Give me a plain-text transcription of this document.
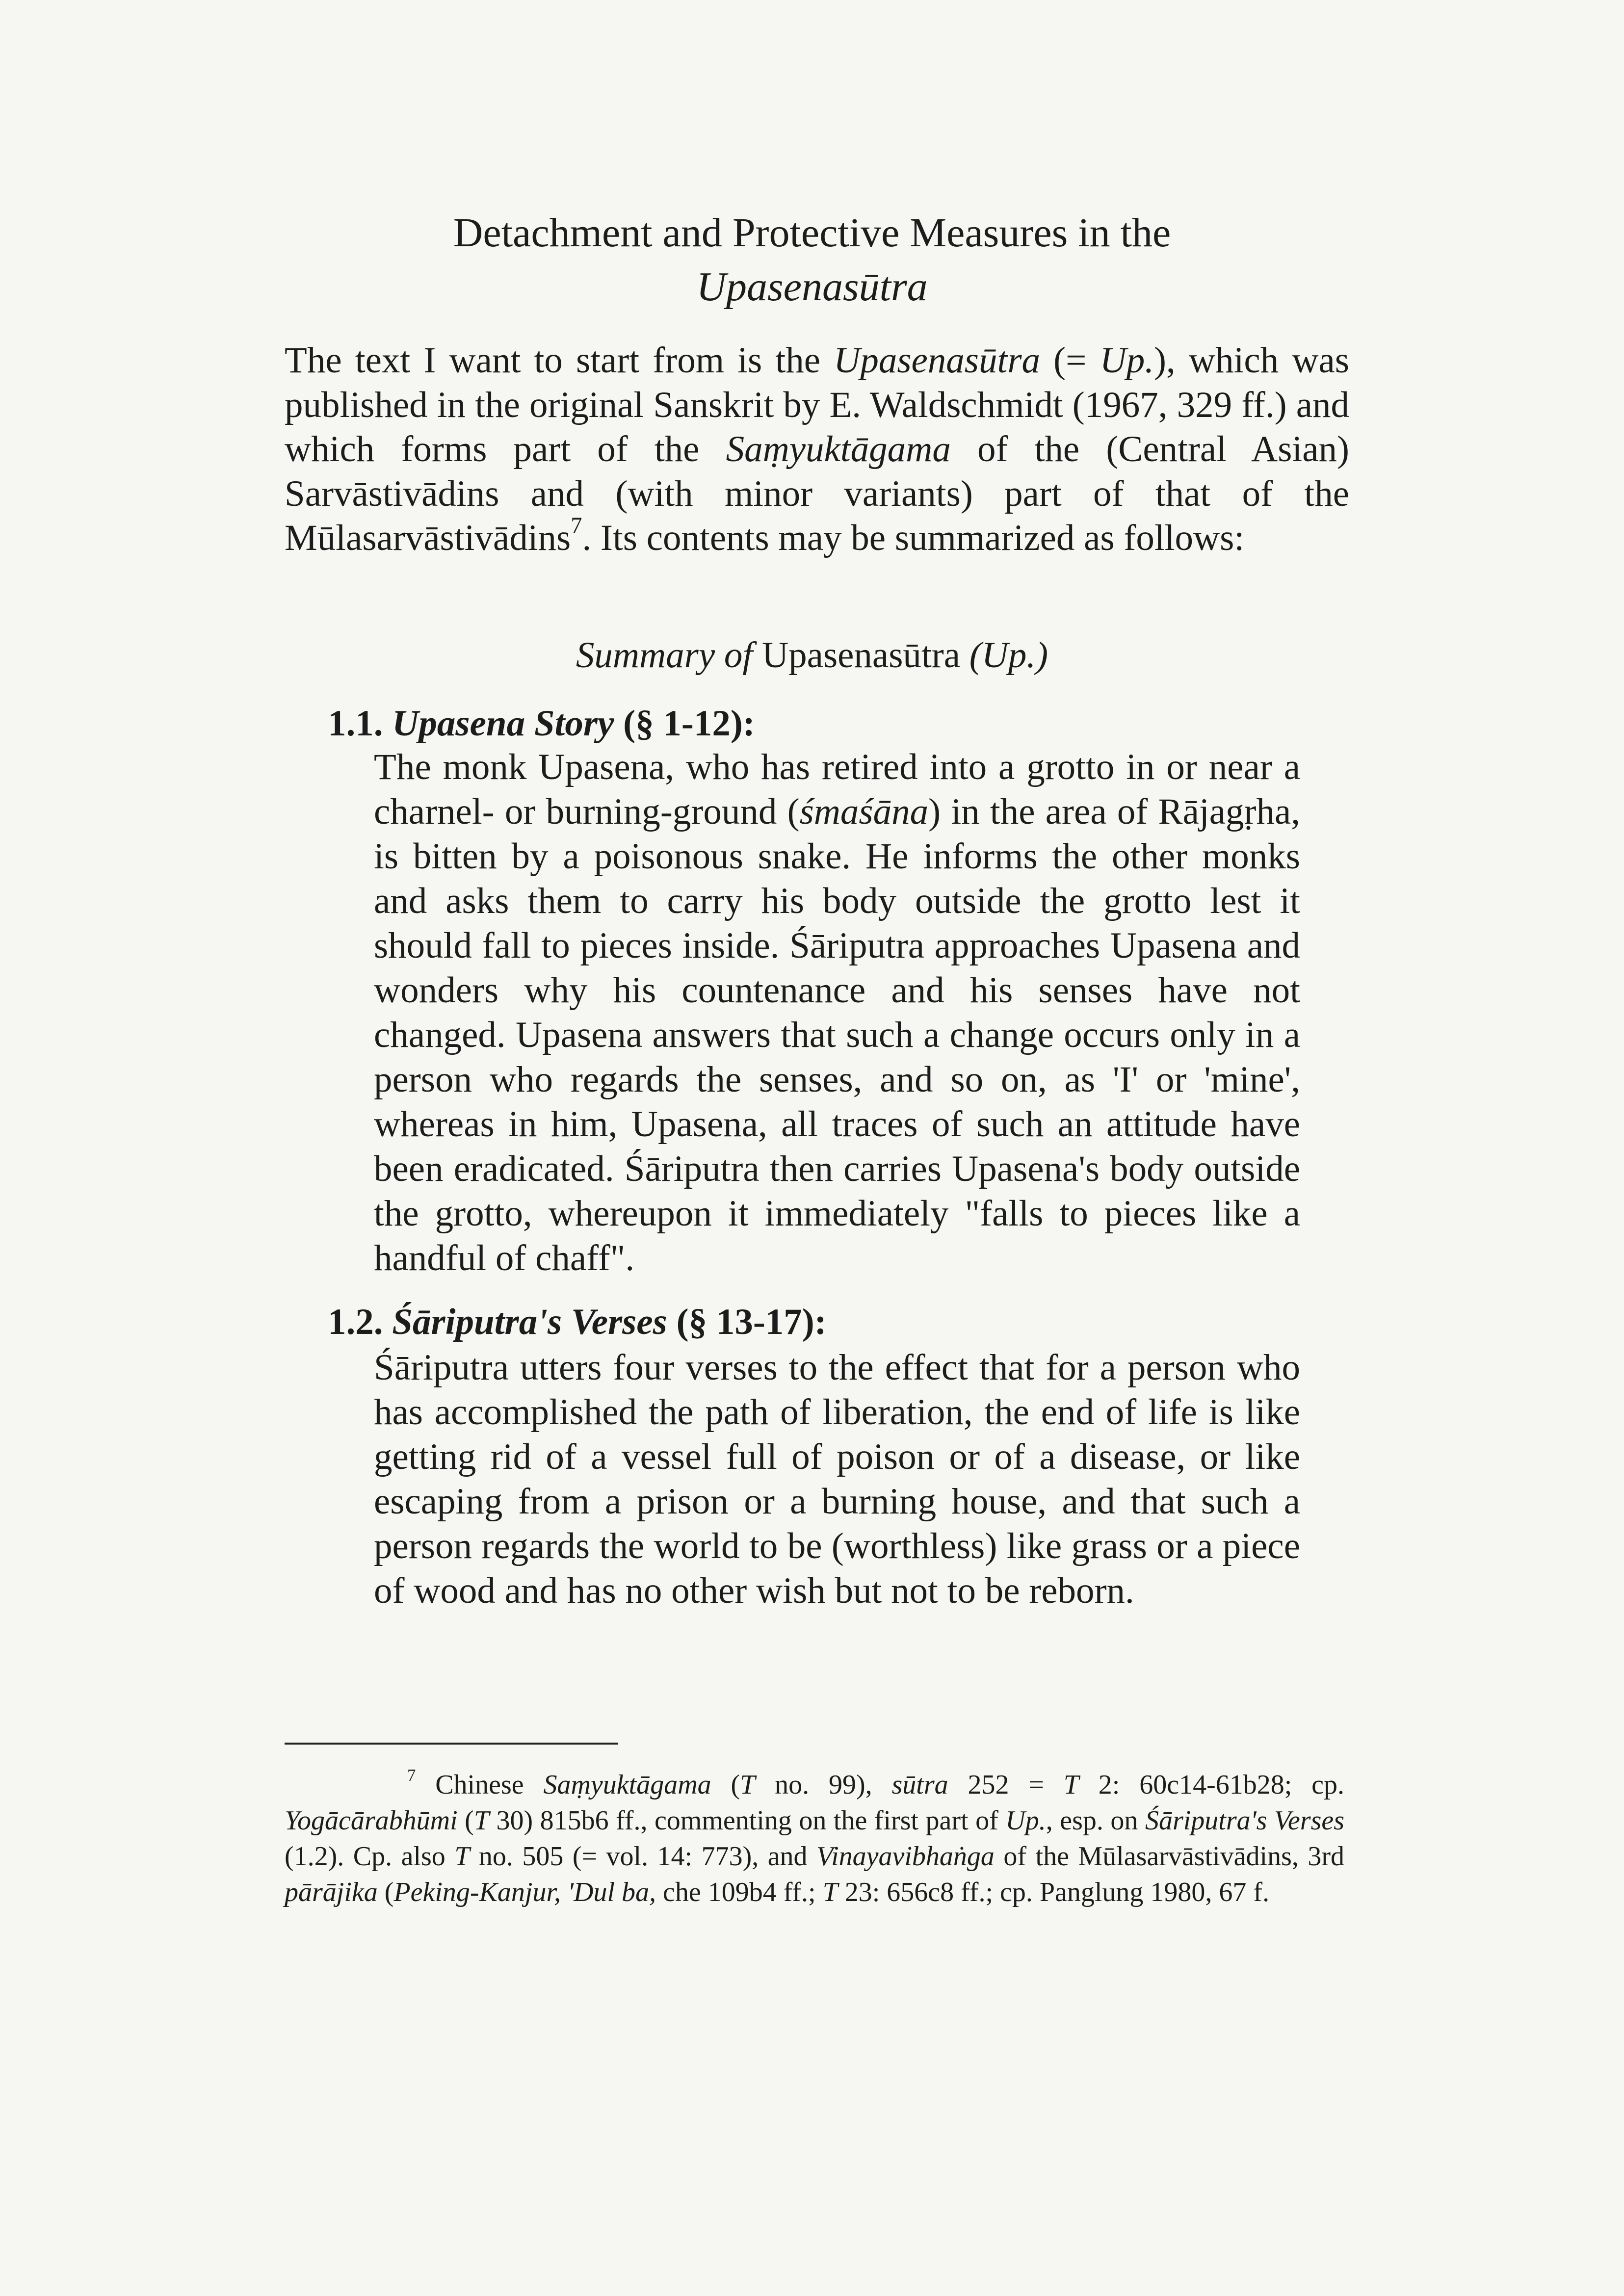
Detachment and Protective Measures in the
Upasenasūtra

The text I want to start from is the Upasenasūtra (= Up.), which was published in the original Sanskrit by E. Waldschmidt (1967, 329 ff.) and which forms part of the Saṃyuktāgama of the (Central Asian) Sarvāstivādins and (with minor variants) part of that of the Mūlasarvāstivādins$^7$. Its contents may be summarized as follows:

Summary of Upasenasūtra (Up.)
1.1. Upasena Story (§ 1-12):

The monk Upasena, who has retired into a grotto in or near a charnel- or burning-ground (śmaśāna) in the area of Rājagṛha, is bitten by a poisonous snake. He informs the other monks and asks them to carry his body outside the grotto lest it should fall to pieces inside. Śāriputra approaches Upasena and wonders why his countenance and his senses have not changed. Upasena answers that such a change occurs only in a person who regards the senses, and so on, as 'I' or 'mine', whereas in him, Upasena, all traces of such an attitude have been eradicated. Śāriputra then carries Upasena's body outside the grotto, whereupon it immediately "falls to pieces like a handful of chaff".

1.2. Śāriputra's Verses (§ 13-17):

Śāriputra utters four verses to the effect that for a person who has accomplished the path of liberation, the end of life is like getting rid of a vessel full of poison or of a disease, or like escaping from a prison or a burning house, and that such a person regards the world to be (worthless) like grass or a piece of wood and has no other wish but not to be reborn.

$^7$ Chinese Saṃyuktāgama (T no. 99), sūtra 252 = T 2: 60c14-61b28; cp. Yogācārabhūmi (T 30) 815b6 ff., commenting on the first part of Up., esp. on Śāriputra's Verses (1.2). Cp. also T no. 505 (= vol. 14: 773), and Vinayavibhaṅga of the Mūlasarvāstivādins, 3rd pārājika (Peking-Kanjur, 'Dul ba, che 109b4 ff.; T 23: 656c8 ff.; cp. Panglung 1980, 67 f.
